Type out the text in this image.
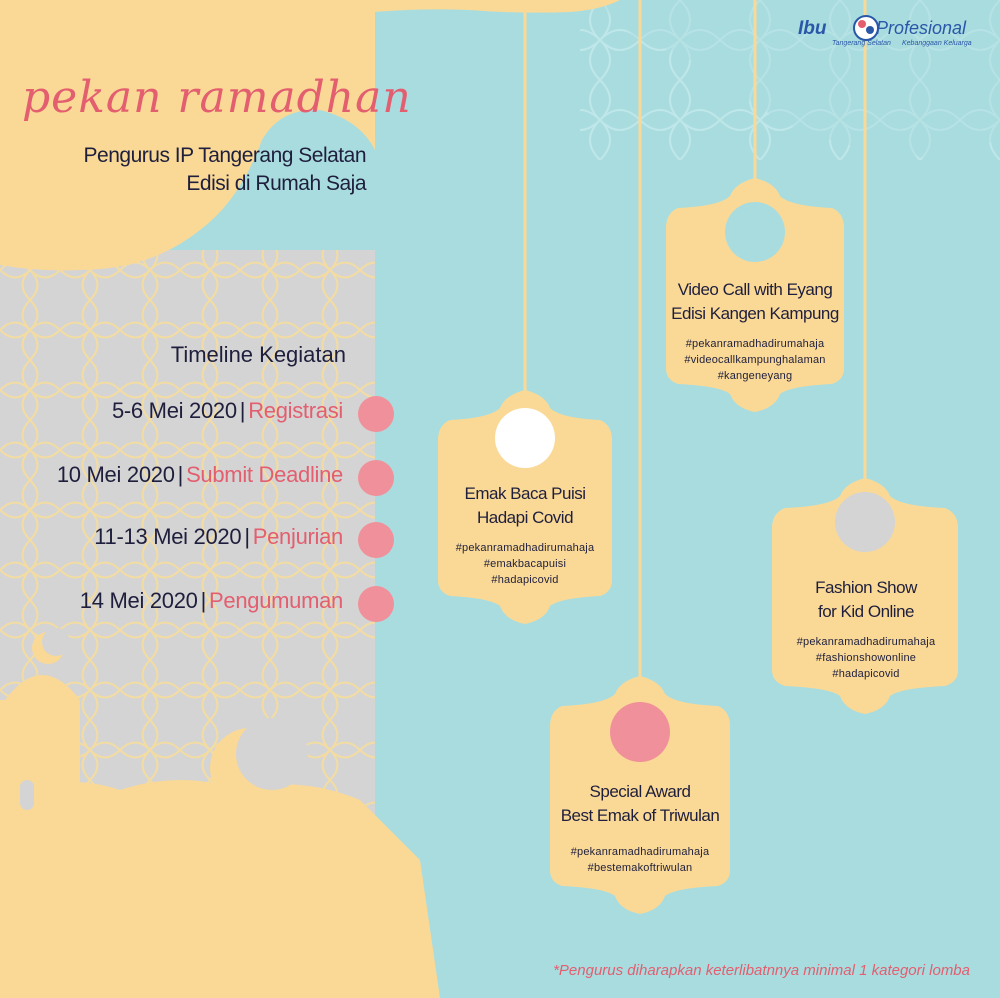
Ibu	Profesional
Tangerang Selatan Kebanggaan Keluarga
pekan ramadhan
Pengurus IP Tangerang Selatan
Edisi di Rumah Saja
Timeline Kegiatan
5-6 Mei 2020 | Registrasi
10 Mei 2020 | Submit Deadline
11-13 Mei 2020 | Penjurian
14 Mei 2020 | Pengumuman
Emak Baca Puisi
Hadapi Covid
#pekanramadhadirumahaja
#emakbacapuisi
#hadapicovid
Video Call with Eyang
Edisi Kangen Kampung
#pekanramadhadirumahaja
#videocallkampunghalaman
#kangeneyang
Fashion Show
for Kid Online
#pekanramadhadirumahaja
#fashionshowonline
#hadapicovid
Special Award
Best Emak of Triwulan
#pekanramadhadirumahaja
#bestemakoftriwulan
*Pengurus diharapkan keterlibatnnya minimal 1 kategori lomba
